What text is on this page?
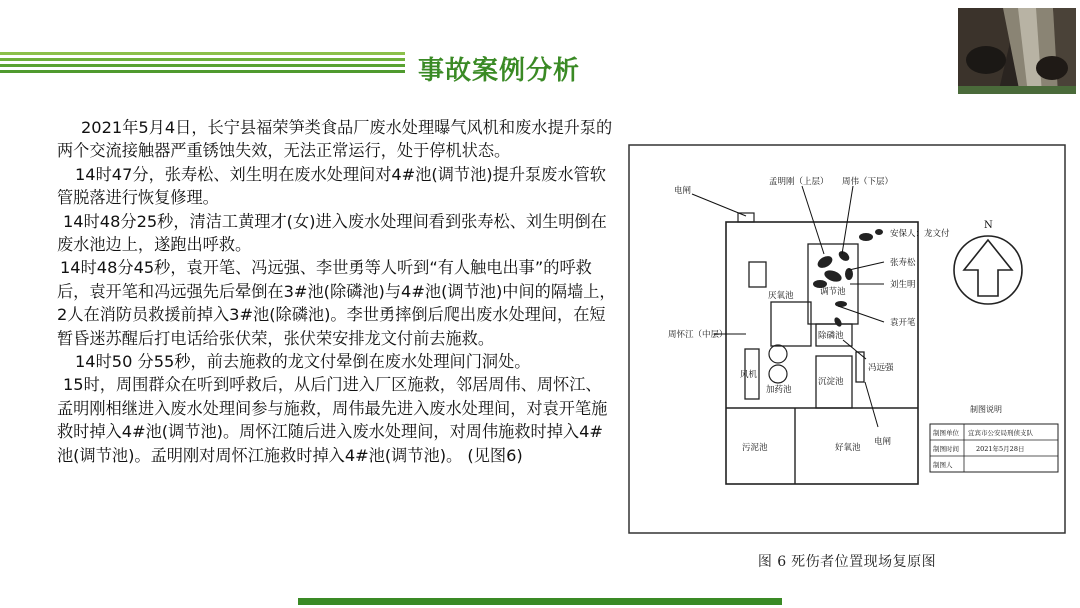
事故案例分析

2021年5月4日，长宁县福荣笋类食品厂废水处理曝气风机和废水提升泵的两个交流接触器严重锈蚀失效，无法正常运行，处于停机状态。

14时47分，张寿松、刘生明在废水处理间对4#池(调节池)提升泵废水管软管脱落进行恢复修理。

14时48分25秒，清洁工黄理才(女)进入废水处理间看到张寿松、刘生明倒在废水池边上，遂跑出呼救。

14时48分45秒，袁开笔、冯远强、李世勇等人听到“有人触电出事”的呼救后，袁开笔和冯远强先后晕倒在3#池(除磷池)与4#池(调节池)中间的隔墙上，2人在消防员救援前掉入3#池(除磷池)。李世勇摔倒后爬出废水处理间，在短暂昏迷苏醒后打电话给张伏荣，张伏荣安排龙文付前去施救。

14时50 分55秒，前去施救的龙文付晕倒在废水处理间门洞处。

15时，周围群众在听到呼救后，从后门进入厂区施救，邻居周伟、周怀江、孟明刚相继进入废水处理间参与施救，周伟最先进入废水处理间，对袁开笔施救时掉入4#池(调节池)。周怀江随后进入废水处理间，对周伟施救时掉入4#池(调节池)。孟明刚对周怀江施救时掉入4#池(调节池)。 (见图6)

电闸
孟明刚（上层） 周伟（下层）
安保人：龙文付
张寿松
刘生明
袁开笔
冯远强
周怀江（中层）
厌氧池	调节池
除磷池
加药池
沉淀池
风机
污泥池	好氧池
电闸
N
制图说明
制图单位 宜宾市公安局刑侦支队
制图时间	2021年5月28日
制图人
图 6 死伤者位置现场复原图
